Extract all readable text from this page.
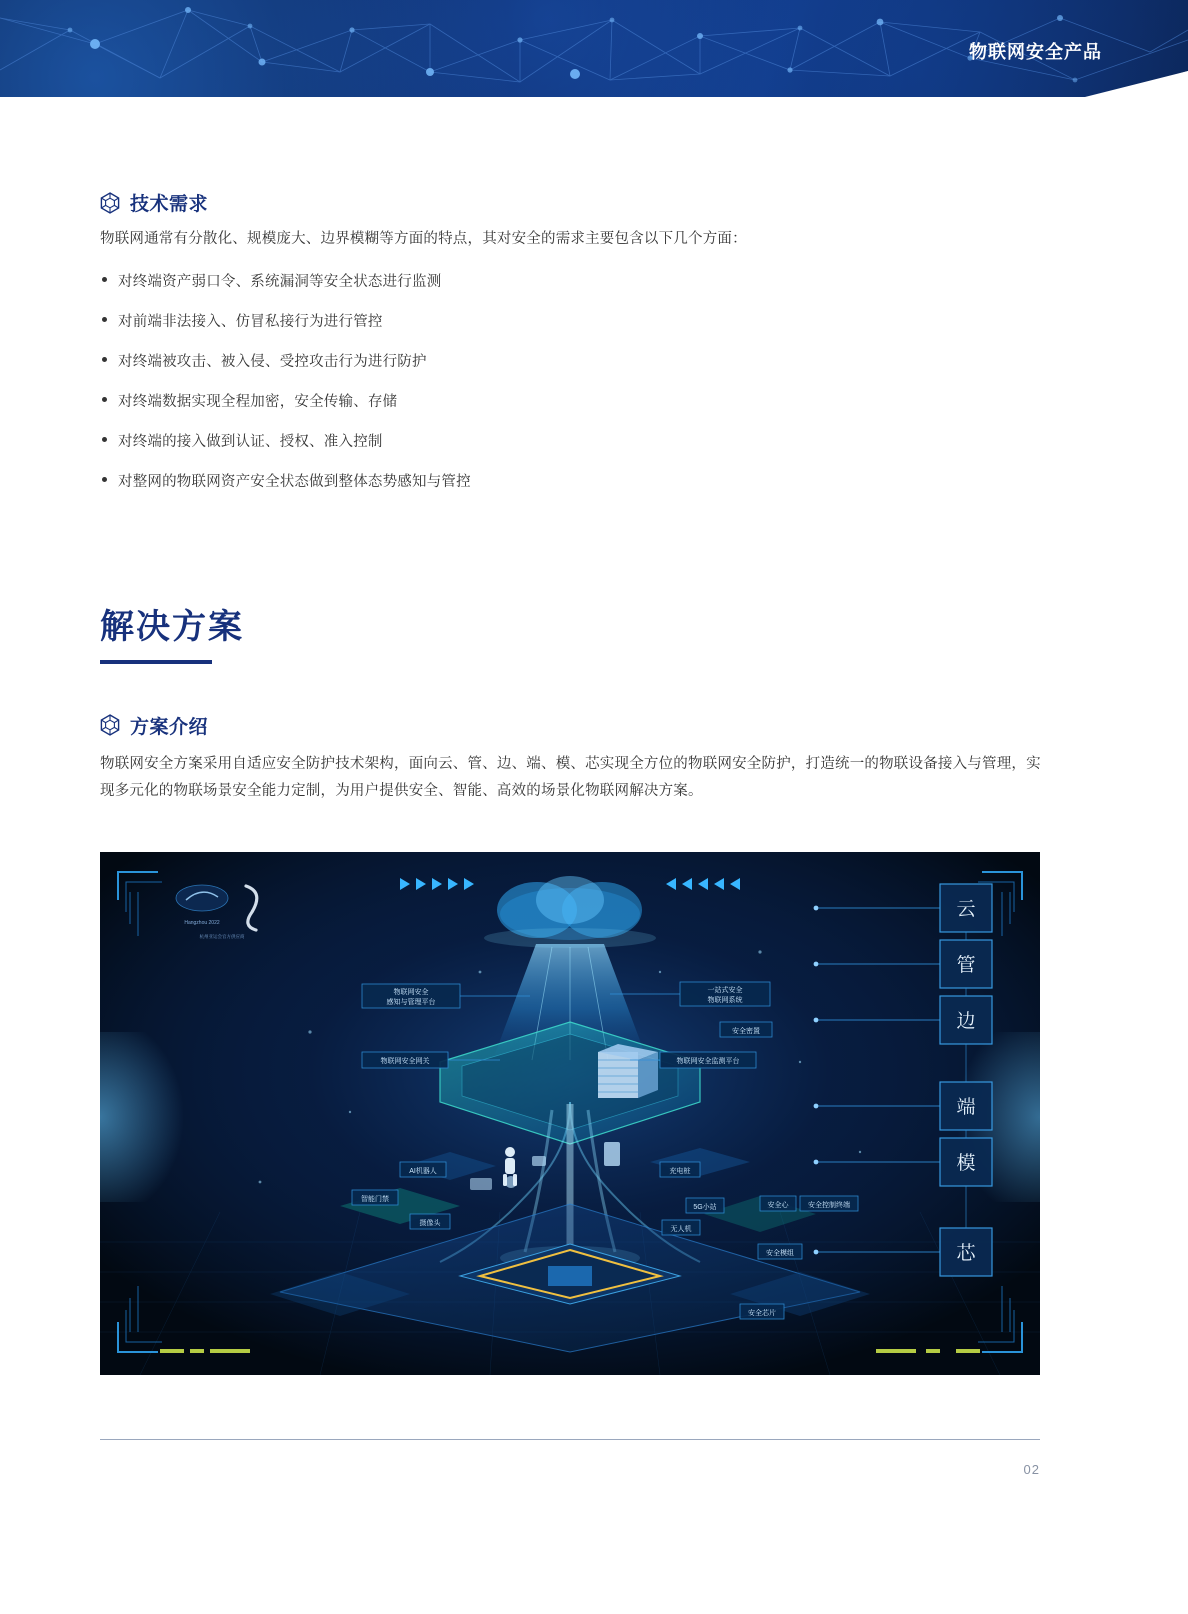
物联网安全产品
技术需求

物联网通常有分散化、规模庞大、边界模糊等方面的特点，其对安全的需求主要包含以下几个方面：

对终端资产弱口令、系统漏洞等安全状态进行监测
对前端非法接入、仿冒私接行为进行管控
对终端被攻击、被入侵、受控攻击行为进行防护
对终端数据实现全程加密，安全传输、存储
对终端的接入做到认证、授权、准入控制
对整网的物联网资产安全状态做到整体态势感知与管控
解决方案
方案介绍

物联网安全方案采用自适应安全防护技术架构，面向云、管、边、端、模、芯实现全方位的物联网安全防护，打造统一的物联设备接入与管理，实现多元化的物联场景安全能力定制，为用户提供安全、智能、高效的场景化物联网解决方案。

Hangzhou 2022
杭州亚运会官方供应商
物联网安全
感知与管理平台
物联网安全网关
AI机器人
智能门禁
摄像头
一站式安全
物联网系统
安全密置
物联网安全监测平台
充电桩
5G小站
无人机
安全心	安全控制终端
安全模组
安全芯片
云
管
边
端
模
芯
02
